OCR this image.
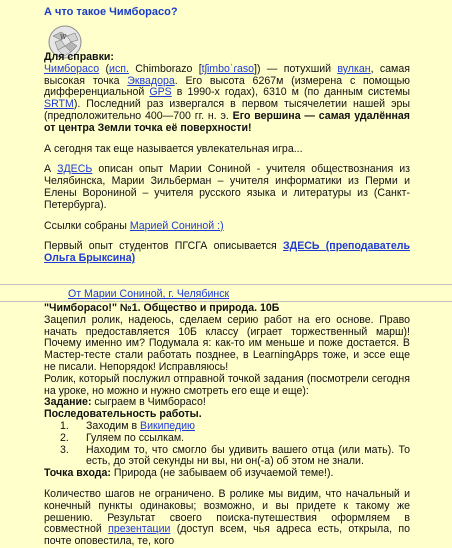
А что такое Чимборасо?
W

Для справки:

Чимборасо (исп. Chimborazo [tʃimboˈɾaso]) — потухший вулкан, самая высокая точка Эквадора. Его высота 6267м (измерена с помощью дифференциальной GPS в 1990-х годах), 6310 м (по данным системы SRTM). Последний раз извергался в первом тысячелетии нашей эры (предположительно 400—700 гг. н. э. Его вершина — самая удалённая от центра Земли точка её поверхности!

А сегодня так еще называется увлекательная игра...

А ЗДЕСЬ описан опыт Марии Сониной - учителя обществознания из Челябинска, Марии Зильберман – учителя информатики из Перми и Елены Ворониной – учителя русского языка и литературы из (Санкт-Петербурга).

Ссылки собраны Марией Сониной :)

Первый опыт студентов ПГСГА описывается ЗДЕСЬ (преподаватель Ольга Брыксина)

От Марии Сониной, г. Челябинск

"Чимборасо!" №1. Общество и природа. 10Б

Зацепил ролик, надеюсь, сделаем серию работ на его основе. Право начать предоставляется 10Б классу (играет торжественный марш)! Почему именно им? Подумала я: как-то им меньше и поже достается. В Мастер-тесте стали работать позднее, в LearningApps тоже, и эссе еще не писали. Непорядок! Исправляюсь!

Ролик, который послужил отправной точкой задания (посмотрели сегодня на уроке, но можно и нужно смотреть его еще и еще):

Задание: сыграем в Чимборасо!

Последовательность работы.

1.	Заходим в Википедию
2.	Гуляем по ссылкам.
3.	Находим то, что смогло бы удивить вашего отца (или мать). То есть, до этой секунды ни вы, ни он(-а) об этом не знали.

Точка входа: Природа (не забываем об изучаемой теме!).

Количество шагов не ограничено. В ролике мы видим, что начальный и конечный пункты одинаковы; возможно, и вы придете к такому же решению. Результат своего поиска-путешествия оформляем в совместной презентации (доступ всем, чья адреса есть, открыла, по почте оповестила, те, кого
